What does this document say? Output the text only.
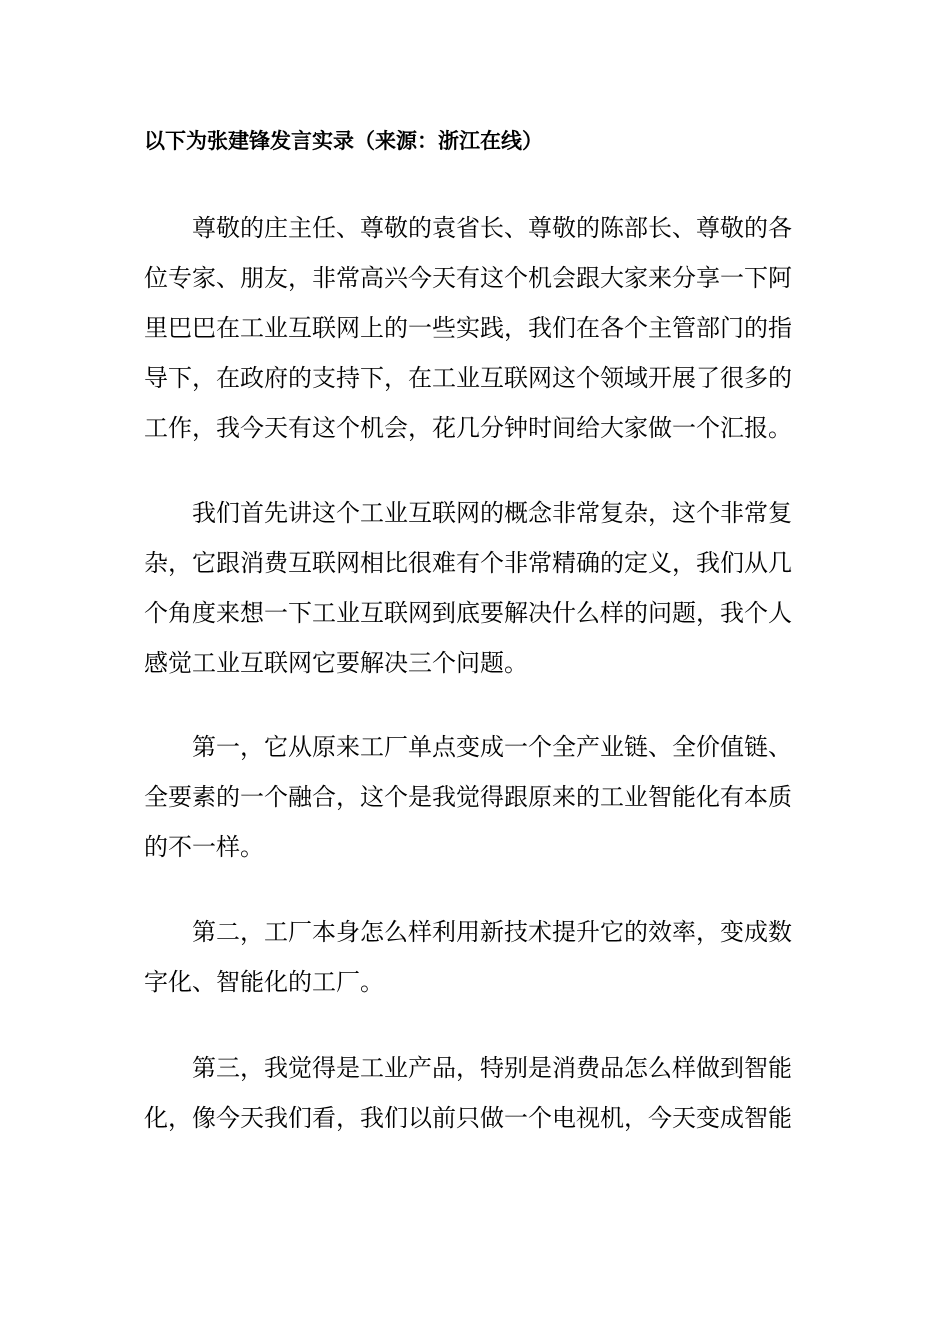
以下为张建锋发言实录（来源：浙江在线）

尊敬的庄主任、尊敬的袁省长、尊敬的陈部长、尊敬的各位专家、朋友，非常高兴今天有这个机会跟大家来分享一下阿里巴巴在工业互联网上的一些实践，我们在各个主管部门的指导下，在政府的支持下，在工业互联网这个领域开展了很多的工作，我今天有这个机会，花几分钟时间给大家做一个汇报。

我们首先讲这个工业互联网的概念非常复杂，这个非常复杂，它跟消费互联网相比很难有个非常精确的定义，我们从几个角度来想一下工业互联网到底要解决什么样的问题，我个人感觉工业互联网它要解决三个问题。

第一，它从原来工厂单点变成一个全产业链、全价值链、全要素的一个融合，这个是我觉得跟原来的工业智能化有本质的不一样。

第二，工厂本身怎么样利用新技术提升它的效率，变成数字化、智能化的工厂。

第三，我觉得是工业产品，特别是消费品怎么样做到智能化，像今天我们看，我们以前只做一个电视机，今天变成智能
